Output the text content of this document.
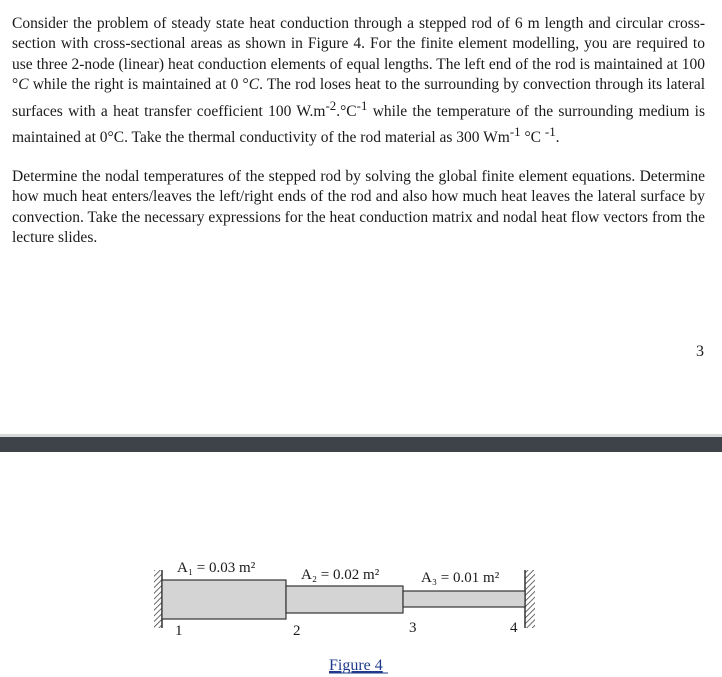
Consider the problem of steady state heat conduction through a stepped rod of 6 m length and circular cross-section with cross-sectional areas as shown in Figure 4. For the finite element modelling, you are required to use three 2-node (linear) heat conduction elements of equal lengths. The left end of the rod is maintained at 100 °C while the right is maintained at 0 °C. The rod loses heat to the surrounding by convection through its lateral surfaces with a heat transfer coefficient 100 $W.m^{-2}.^\circ C^{-1}$ while the temperature of the surrounding medium is maintained at 0°C. Take the thermal conductivity of the rod material as 300 $Wm^{-1}$ °C $^{-1}$.
Determine the nodal temperatures of the stepped rod by solving the global finite element equations. Determine how much heat enters/leaves the left/right ends of the rod and also how much heat leaves the lateral surface by convection. Take the necessary expressions for the heat conduction matrix and nodal heat flow vectors from the lecture slides.
3
A₁ = 0.03 m²	A₂ = 0.02 m²	A₃ = 0.01 m²
1	2	3	4
Figure 4
